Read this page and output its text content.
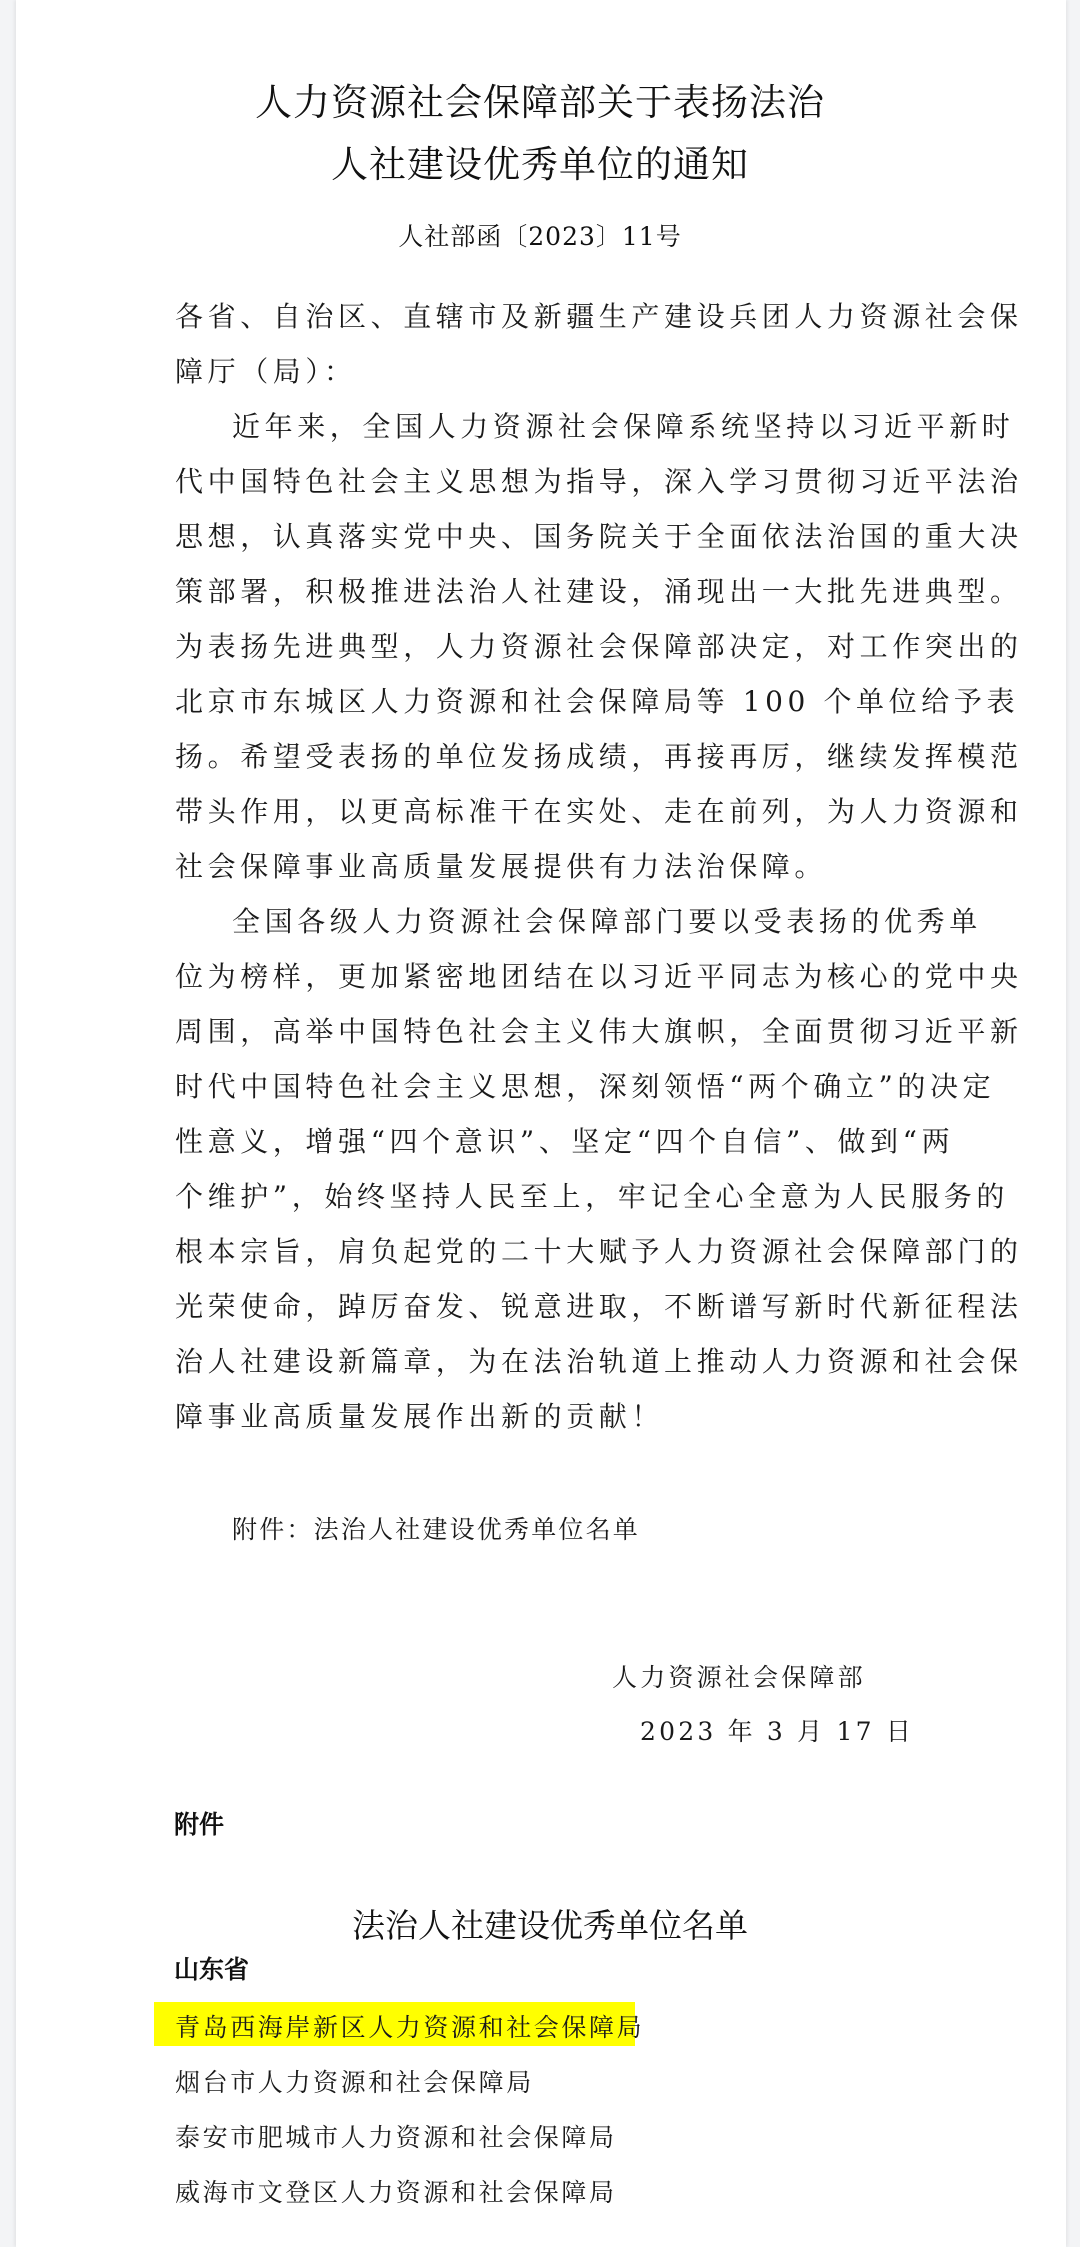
人力资源社会保障部关于表扬法治
人社建设优秀单位的通知
人社部函〔2023〕11号
各省、自治区、直辖市及新疆生产建设兵团人力资源社会保
障厅（局）：
近年来，全国人力资源社会保障系统坚持以习近平新时
代中国特色社会主义思想为指导，深入学习贯彻习近平法治
思想，认真落实党中央、国务院关于全面依法治国的重大决
策部署，积极推进法治人社建设，涌现出一大批先进典型。
为表扬先进典型，人力资源社会保障部决定，对工作突出的
北京市东城区人力资源和社会保障局等 100 个单位给予表
扬。希望受表扬的单位发扬成绩，再接再厉，继续发挥模范
带头作用，以更高标准干在实处、走在前列，为人力资源和
社会保障事业高质量发展提供有力法治保障。
全国各级人力资源社会保障部门要以受表扬的优秀单
位为榜样，更加紧密地团结在以习近平同志为核心的党中央
周围，高举中国特色社会主义伟大旗帜，全面贯彻习近平新
时代中国特色社会主义思想，深刻领悟“两个确立”的决定
性意义，增强“四个意识”、坚定“四个自信”、做到“两
个维护”，始终坚持人民至上，牢记全心全意为人民服务的
根本宗旨，肩负起党的二十大赋予人力资源社会保障部门的
光荣使命，踔厉奋发、锐意进取，不断谱写新时代新征程法
治人社建设新篇章，为在法治轨道上推动人力资源和社会保
障事业高质量发展作出新的贡献！
附件：法治人社建设优秀单位名单
人力资源社会保障部
2023 年 3 月 17 日
附件
法治人社建设优秀单位名单
山东省
青岛西海岸新区人力资源和社会保障局
烟台市人力资源和社会保障局
泰安市肥城市人力资源和社会保障局
威海市文登区人力资源和社会保障局
